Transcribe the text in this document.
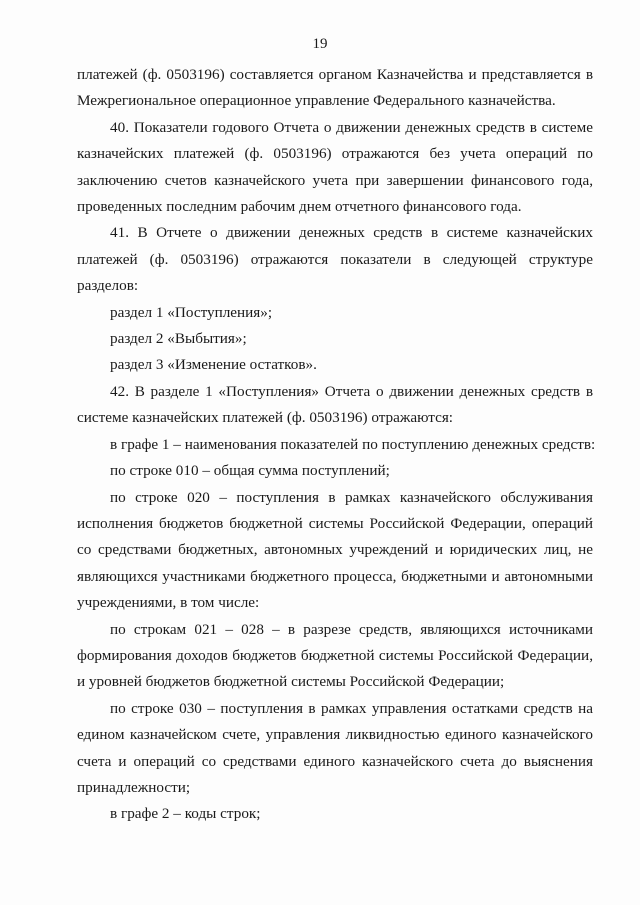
19
платежей (ф. 0503196) составляется органом Казначейства и представляется в
Межрегиональное операционное управление Федерального казначейства.
40. Показатели годового Отчета о движении денежных средств в системе
казначейских платежей (ф. 0503196) отражаются без учета операций по
заключению счетов казначейского учета при завершении финансового года,
проведенных последним рабочим днем отчетного финансового года.
41. В Отчете о движении денежных средств в системе казначейских
платежей (ф. 0503196) отражаются показатели в следующей структуре
разделов:
раздел 1 «Поступления»;
раздел 2 «Выбытия»;
раздел 3 «Изменение остатков».
42. В разделе 1 «Поступления» Отчета о движении денежных средств в
системе казначейских платежей (ф. 0503196) отражаются:
в графе 1 – наименования показателей по поступлению денежных средств:
по строке 010 – общая сумма поступлений;
по строке 020 – поступления в рамках казначейского обслуживания
исполнения бюджетов бюджетной системы Российской Федерации, операций
со средствами бюджетных, автономных учреждений и юридических лиц, не
являющихся участниками бюджетного процесса, бюджетными и автономными
учреждениями, в том числе:
по строкам 021 – 028 – в разрезе средств, являющихся источниками
формирования доходов бюджетов бюджетной системы Российской Федерации,
и уровней бюджетов бюджетной системы Российской Федерации;
по строке 030 – поступления в рамках управления остатками средств на
едином казначейском счете, управления ликвидностью единого казначейского
счета и операций со средствами единого казначейского счета до выяснения
принадлежности;
в графе 2 – коды строк;
